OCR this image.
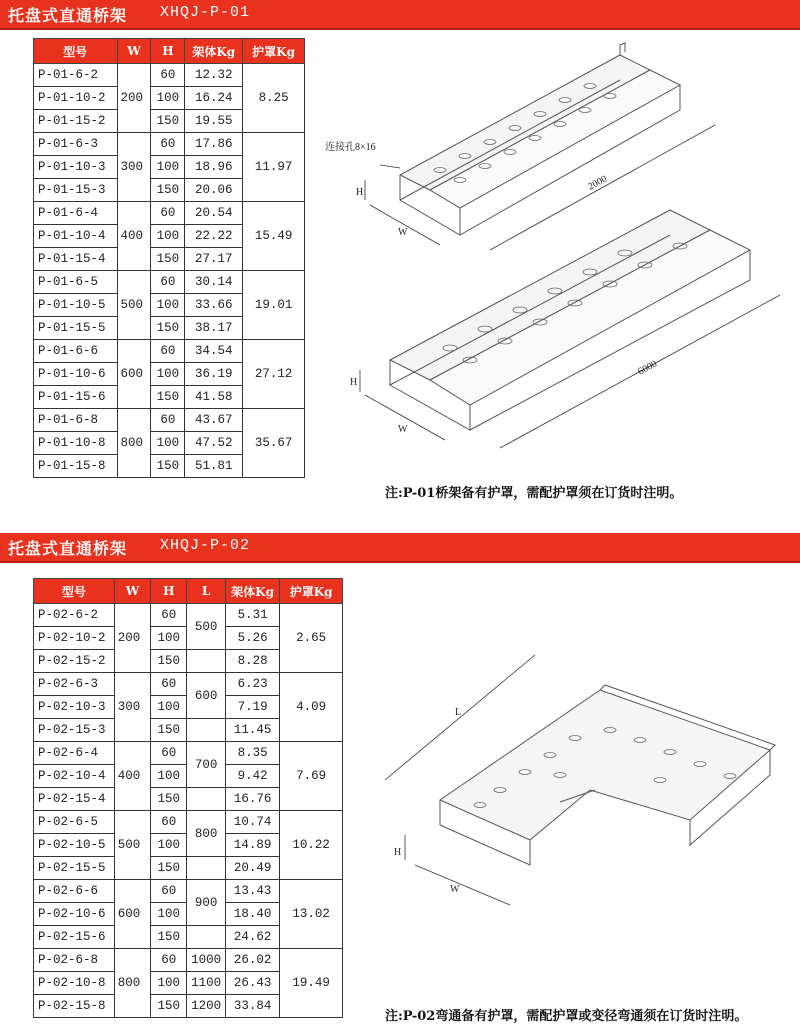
托盘式直通桥架 XHQJ-P-01
型号	W	H	架体Kg	护罩Kg
P-01-6-2	200	60	12.32	8.25
P-01-10-2		100	16.24	
P-01-15-2		150	19.55	
P-01-6-3	300	60	17.86	11.97
P-01-10-3		100	18.96	
P-01-15-3		150	20.06	
P-01-6-4	400	60	20.54	15.49
P-01-10-4		100	22.22	
P-01-15-4		150	27.17	
P-01-6-5	500	60	30.14	19.01
P-01-10-5		100	33.66	
P-01-15-5		150	38.17	
P-01-6-6	600	60	34.54	27.12
P-01-10-6		100	36.19	
P-01-15-6		150	41.58	
P-01-6-8	800	60	43.67	35.67
P-01-10-8		100	47.52	
P-01-15-8		150	51.81	
连接孔8×16
2000
H
W
6000
H
W
注:P-01桥架备有护罩，需配护罩须在订货时注明。
托盘式直通桥架 XHQJ-P-02
型号	W	H	L	架体Kg	护罩Kg
P-02-6-2	200	60	500	5.31	2.65
P-02-10-2		100		5.26	
P-02-15-2		150		8.28	
P-02-6-3	300	60	600	6.23	4.09
P-02-10-3		100		7.19	
P-02-15-3		150		11.45	
P-02-6-4	400	60	700	8.35	7.69
P-02-10-4		100		9.42	
P-02-15-4		150		16.76	
P-02-6-5	500	60	800	10.74	10.22
P-02-10-5		100		14.89	
P-02-15-5		150		20.49	
P-02-6-6	600	60	900	13.43	13.02
P-02-10-6		100		18.40	
P-02-15-6		150		24.62	
P-02-6-8	800	60	1000	26.02	19.49
P-02-10-8		100	1100	26.43	
P-02-15-8		150	1200	33.84	
L
H
W
注:P-02弯通备有护罩，需配护罩或变径弯通须在订货时注明。
